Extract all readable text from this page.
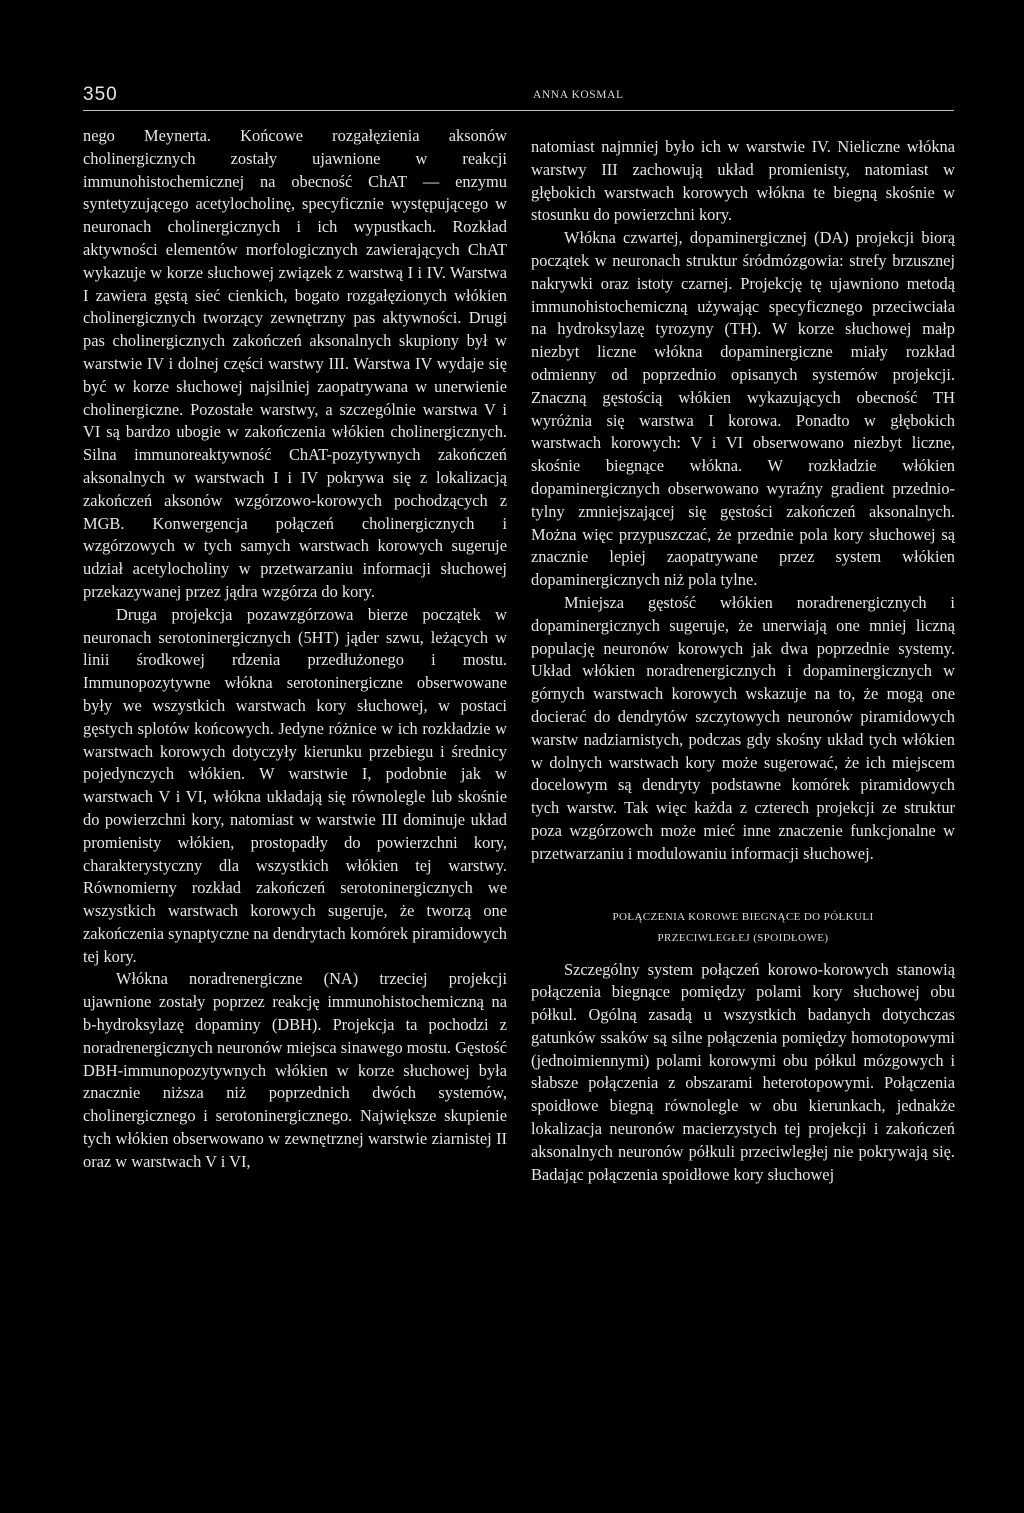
350	ANNA KOSMAL

nego Meynerta. Końcowe rozgałęzienia aksonów cholinergicznych zostały ujawnione w reakcji immunohistochemicznej na obecność ChAT — enzymu syntetyzującego acetylocholinę, specyficznie występującego w neuronach cholinergicznych i ich wypustkach. Rozkład aktywności elementów morfologicznych zawierających ChAT wykazuje w korze słuchowej związek z warstwą I i IV. Warstwa I zawiera gęstą sieć cienkich, bogato rozgałęzionych włókien cholinergicznych tworzący zewnętrzny pas aktywności. Drugi pas cholinergicznych zakończeń aksonalnych skupiony był w warstwie IV i dolnej części warstwy III. Warstwa IV wydaje się być w korze słuchowej najsilniej zaopatrywana w unerwienie cholinergiczne. Pozostałe warstwy, a szczególnie warstwa V i VI są bardzo ubogie w zakończenia włókien cholinergicznych. Silna immunoreaktywność ChAT-pozytywnych zakończeń aksonalnych w warstwach I i IV pokrywa się z lokalizacją zakończeń aksonów wzgórzowo-korowych pochodzących z MGB. Konwergencja połączeń cholinergicznych i wzgórzowych w tych samych warstwach korowych sugeruje udział acetylocholiny w przetwarzaniu informacji słuchowej przekazywanej przez jądra wzgórza do kory.

Druga projekcja pozawzgórzowa bierze początek w neuronach serotoninergicznych (5HT) jąder szwu, leżących w linii środkowej rdzenia przedłużonego i mostu. Immunopozytywne włókna serotoninergiczne obserwowane były we wszystkich warstwach kory słuchowej, w postaci gęstych splotów końcowych. Jedyne różnice w ich rozkładzie w warstwach korowych dotyczyły kierunku przebiegu i średnicy pojedynczych włókien. W warstwie I, podobnie jak w warstwach V i VI, włókna układają się równolegle lub skośnie do powierzchni kory, natomiast w warstwie III dominuje układ promienisty włókien, prostopadły do powierzchni kory, charakterystyczny dla wszystkich włókien tej warstwy. Równomierny rozkład zakończeń serotoninergicznych we wszystkich warstwach korowych sugeruje, że tworzą one zakończenia synaptyczne na dendrytach komórek piramidowych tej kory.

Włókna noradrenergiczne (NA) trzeciej projekcji ujawnione zostały poprzez reakcję immunohistochemiczną na b-hydroksylazę dopaminy (DBH). Projekcja ta pochodzi z noradrenergicznych neuronów miejsca sinawego mostu. Gęstość DBH-immunopozytywnych włókien w korze słuchowej była znacznie niższa niż poprzednich dwóch systemów, cholinergicznego i serotoninergicznego. Największe skupienie tych włókien obserwowano w zewnętrznej warstwie ziarnistej II oraz w warstwach V i VI,

natomiast najmniej było ich w warstwie IV. Nieliczne włókna warstwy III zachowują układ promienisty, natomiast w głębokich warstwach korowych włókna te biegną skośnie w stosunku do powierzchni kory.

Włókna czwartej, dopaminergicznej (DA) projekcji biorą początek w neuronach struktur śródmózgowia: strefy brzusznej nakrywki oraz istoty czarnej. Projekcję tę ujawniono metodą immunohistochemiczną używając specyficznego przeciwciała na hydroksylazę tyrozyny (TH). W korze słuchowej małp niezbyt liczne włókna dopaminergiczne miały rozkład odmienny od poprzednio opisanych systemów projekcji. Znaczną gęstością włókien wykazujących obecność TH wyróżnia się warstwa I korowa. Ponadto w głębokich warstwach korowych: V i VI obserwowano niezbyt liczne, skośnie biegnące włókna. W rozkładzie włókien dopaminergicznych obserwowano wyraźny gradient przednio-tylny zmniejszającej się gęstości zakończeń aksonalnych. Można więc przypuszczać, że przednie pola kory słuchowej są znacznie lepiej zaopatrywane przez system włókien dopaminergicznych niż pola tylne.

Mniejsza gęstość włókien noradrenergicznych i dopaminergicznych sugeruje, że unerwiają one mniej liczną populację neuronów korowych jak dwa poprzednie systemy. Układ włókien noradrenergicznych i dopaminergicznych w górnych warstwach korowych wskazuje na to, że mogą one docierać do dendrytów szczytowych neuronów piramidowych warstw nadziarnistych, podczas gdy skośny układ tych włókien w dolnych warstwach kory może sugerować, że ich miejscem docelowym są dendryty podstawne komórek piramidowych tych warstw. Tak więc każda z czterech projekcji ze struktur poza wzgórzowch może mieć inne znaczenie funkcjonalne w przetwarzaniu i modulowaniu informacji słuchowej.

POŁĄCZENIA KOROWE BIEGNĄCE DO PÓŁKULI
PRZECIWLEGŁEJ (SPOIDŁOWE)

Szczególny system połączeń korowo-korowych stanowią połączenia biegnące pomiędzy polami kory słuchowej obu półkul. Ogólną zasadą u wszystkich badanych dotychczas gatunków ssaków są silne połączenia pomiędzy homotopowymi (jednoimiennymi) polami korowymi obu półkul mózgowych i słabsze połączenia z obszarami heterotopowymi. Połączenia spoidłowe biegną równolegle w obu kierunkach, jednakże lokalizacja neuronów macierzystych tej projekcji i zakończeń aksonalnych neuronów półkuli przeciwległej nie pokrywają się. Badając połączenia spoidłowe kory słuchowej
